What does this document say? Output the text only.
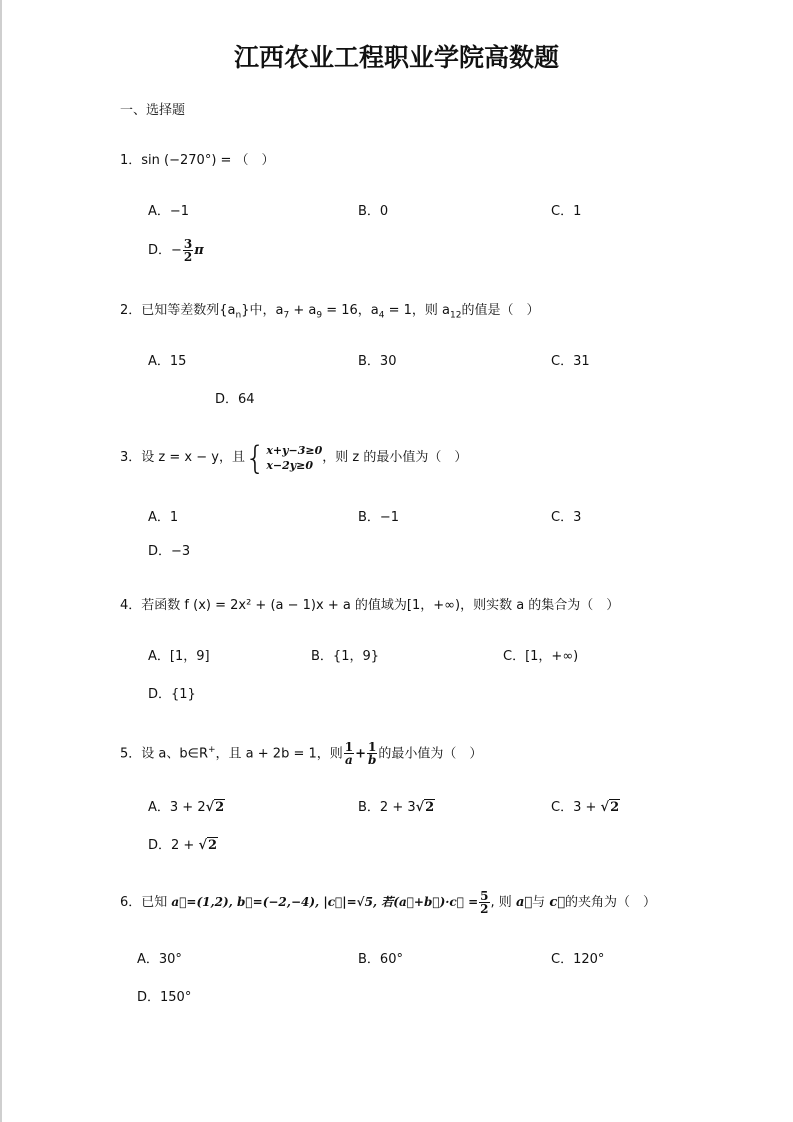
江西农业工程职业学院高数题
一、选择题
1．sin (−270°) = （　）
A．−1	B．0	C．1
D．− $\frac{3}{2}$ π
2．已知等差数列$\{a_n\}$中，$a_7 + a_9 = 16$，$a_4 = 1$，则 $a_{12}$的值是（　）
A．15	B．30	C．31
D．64
3．设 z = x − y，且 { x+y−3≥0
x−2y≥0 ，则 z 的最小值为（　）
A．1	B．−1	C．3
D．−3
4．若函数 f (x) = 2x² + (a − 1)x + a 的值域为[1，+∞)，则实数 a 的集合为（　）
A．[1，9]	B．{1，9}	C．[1，+∞)
D．{1}
5．设 a、b∈R+，且 a + 2b = 1，则 $\frac{1}{a} + \frac{1}{b}$ 的最小值为（　）
A．3 + 2√2	B．2 + 3√2	C．3 + √2
D．2 + √2
6．已知 a⃗=(1,2), b⃗=(−2,−4), |c⃗|=√5, 若(a⃗+b⃗)·c⃗ = $\frac{5}{2}$ , 则 a⃗与 c⃗的夹角为（　）
A．30°	B．60°	C．120°
D．150°
